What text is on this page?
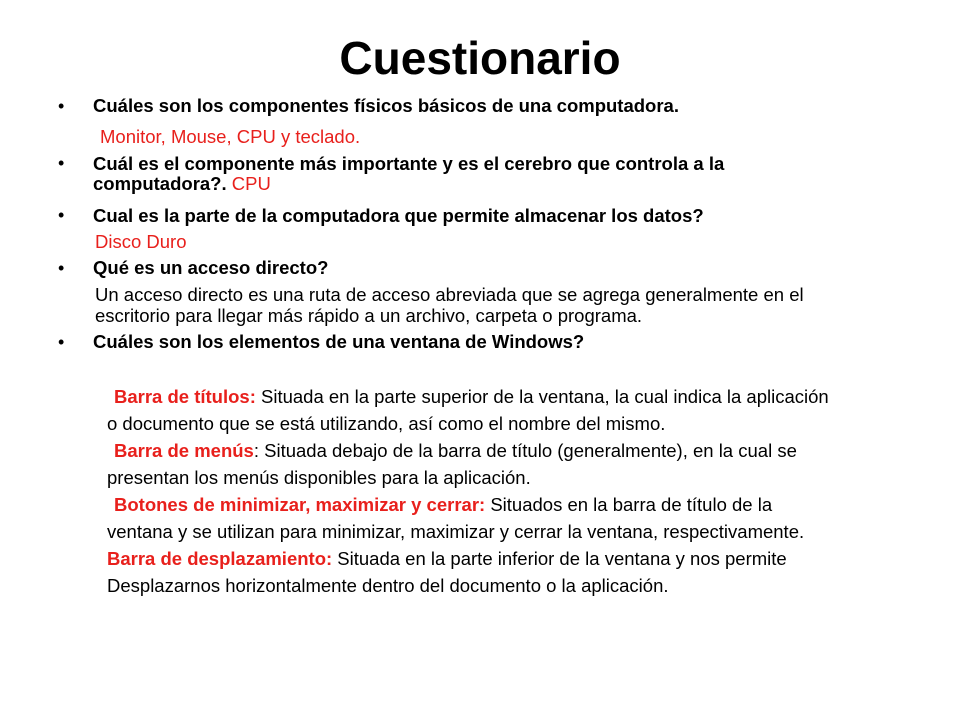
Cuestionario
• Cuáles son los componentes físicos básicos de una computadora.
Monitor, Mouse, CPU y teclado.
• Cuál es el componente más importante y es el cerebro que controla a la
computadora?. CPU
• Cual es la parte de la computadora que permite almacenar los datos?
Disco Duro
• Qué es un acceso directo?
Un acceso directo es una ruta de acceso abreviada que se agrega generalmente en el
escritorio para llegar más rápido a un archivo, carpeta o programa.
• Cuáles son los elementos de una ventana de Windows?
Barra de títulos: Situada en la parte superior de la ventana, la cual indica la aplicación
o documento que se está utilizando, así como el nombre del mismo.
Barra de menús: Situada debajo de la barra de título (generalmente), en la cual se
presentan los menús disponibles para la aplicación.
Botones de minimizar, maximizar y cerrar: Situados en la barra de título de la
ventana y se utilizan para minimizar, maximizar y cerrar la ventana, respectivamente.
Barra de desplazamiento: Situada en la parte inferior de la ventana y nos permite
Desplazarnos horizontalmente dentro del documento o la aplicación.
